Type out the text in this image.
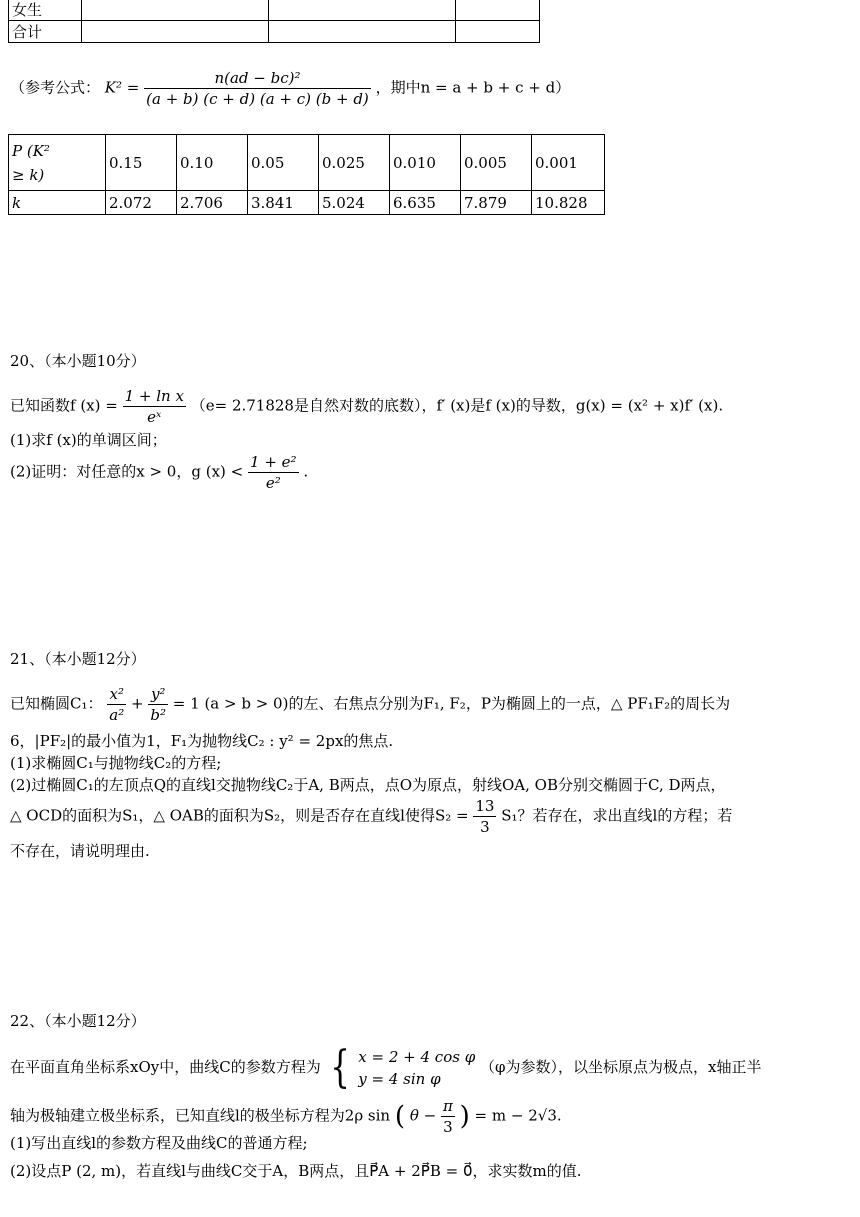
女生			
合计			
（参考公式： $K^2 = \frac{\text{n(ad − bc)²}}{(a + b) (c + d) (a + c) (b + d)}$ ，期中n = a + b + c + d）
P (K²
≥ k)	0.15	0.10	0.05	0.025	0.010	0.005	0.001
k	2.072	2.706	3.841	5.024	6.635	7.879	10.828
20、（本小题10分）
已知函数f $(x) = \frac{\text{1 + ln x}}{\text{eˣ}} (e= 2.71828$是自然对数的底数），f′ (x)是f (x)的导数，g(x) = (x² + x)f′ (x).
(1)求f (x)的单调区间；
(2)证明：对任意的x > 0，g $(x) < \frac{\text{1 + e²}}{\text{e²}}$ .
21、（本小题12分）
已知椭圆C₁： $\frac{\text{x²}}{\text{a²}} + \frac{\text{y²}}{\text{b²}} = 1$ (a > b > 0)的左、右焦点分别为F₁, F₂，P为椭圆上的一点，△ PF₁F₂的周长为
6，|PF₂|的最小值为1，F₁为抛物线C₂ : y² = 2px的焦点.
(1)求椭圆C₁与抛物线C₂的方程;
(2)过椭圆C₁的左顶点Q的直线l交抛物线C₂于A, B两点，点O为原点，射线OA, OB分别交椭圆于C, D两点，
△ OCD的面积为S₁，△ OAB的面积为S₂，则是否存在直线l使得$S_2 = \frac{13}{3} S_1$？若存在，求出直线l的方程；若
不存在，请说明理由.
22、（本小题12分）
在平面直角坐标系xOy中，曲线C的参数方程为 { x = 2 + 4 cos φ
y = 4 sin φ （φ为参数），以坐标原点为极点，x轴正半
轴为极轴建立极坐标系，已知直线l的极坐标方程为2ρ sin ( $\theta - \frac{\pi}{3}$ ) = m − 2√3.
(1)写出直线l的参数方程及曲线C的普通方程;
(2)设点P (2, m)，若直线l与曲线C交于A，B两点，且P⃗A + 2P⃗B = 0⃗，求实数m的值.
